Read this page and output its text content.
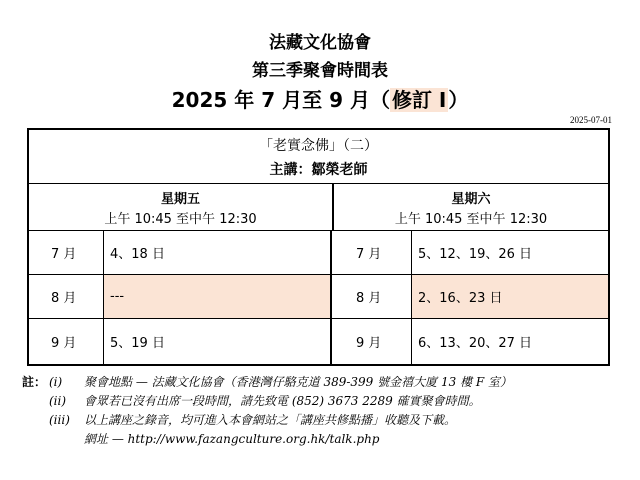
法藏文化協會
第三季聚會時間表
2025 年 7 月至 9 月（ 修訂 I ）
2025-07-01
「老實念佛」（二）
主講：鄒榮老師
星期五
上午 10:45 至中午 12:30
星期六
上午 10:45 至中午 12:30
7 月	4、18 日	7 月	5、12、19、26 日
8 月	---	8 月	2、16、23 日
9 月	5、19 日	9 月	6、13、20、27 日
註： (i) 聚會地點 — 法藏文化協會（香港灣仔駱克道 389-399 號金禧大廈 13 樓 F 室）
(ii) 會眾若已沒有出席一段時間，請先致電 (852) 3673 2289 確實聚會時間。
(iii) 以上講座之錄音，均可進入本會網站之「講座共修點播」收聽及下載。
網址 — http://www.fazangculture.org.hk/talk.php
